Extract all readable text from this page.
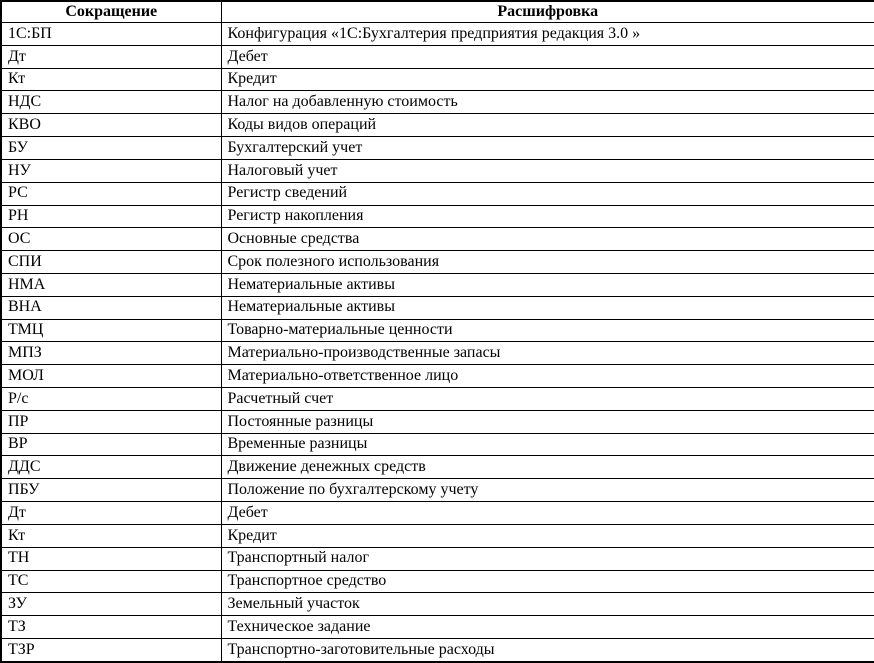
Сокращение	Расшифровка
1С:БП	Конфигурация «1С:Бухгалтерия предприятия редакция 3.0 »
Дт	Дебет
Кт	Кредит
НДС	Налог на добавленную стоимость
КВО	Коды видов операций
БУ	Бухгалтерский учет
НУ	Налоговый учет
РС	Регистр сведений
РН	Регистр накопления
ОС	Основные средства
СПИ	Срок полезного использования
НМА	Нематериальные активы
ВНА	Нематериальные активы
ТМЦ	Товарно-материальные ценности
МПЗ	Материально-производственные запасы
МОЛ	Материально-ответственное лицо
Р/с	Расчетный счет
ПР	Постоянные разницы
ВР	Временные разницы
ДДС	Движение денежных средств
ПБУ	Положение по бухгалтерскому учету
Дт	Дебет
Кт	Кредит
ТН	Транспортный налог
ТС	Транспортное средство
ЗУ	Земельный участок
ТЗ	Техническое задание
ТЗР	Транспортно-заготовительные расходы
